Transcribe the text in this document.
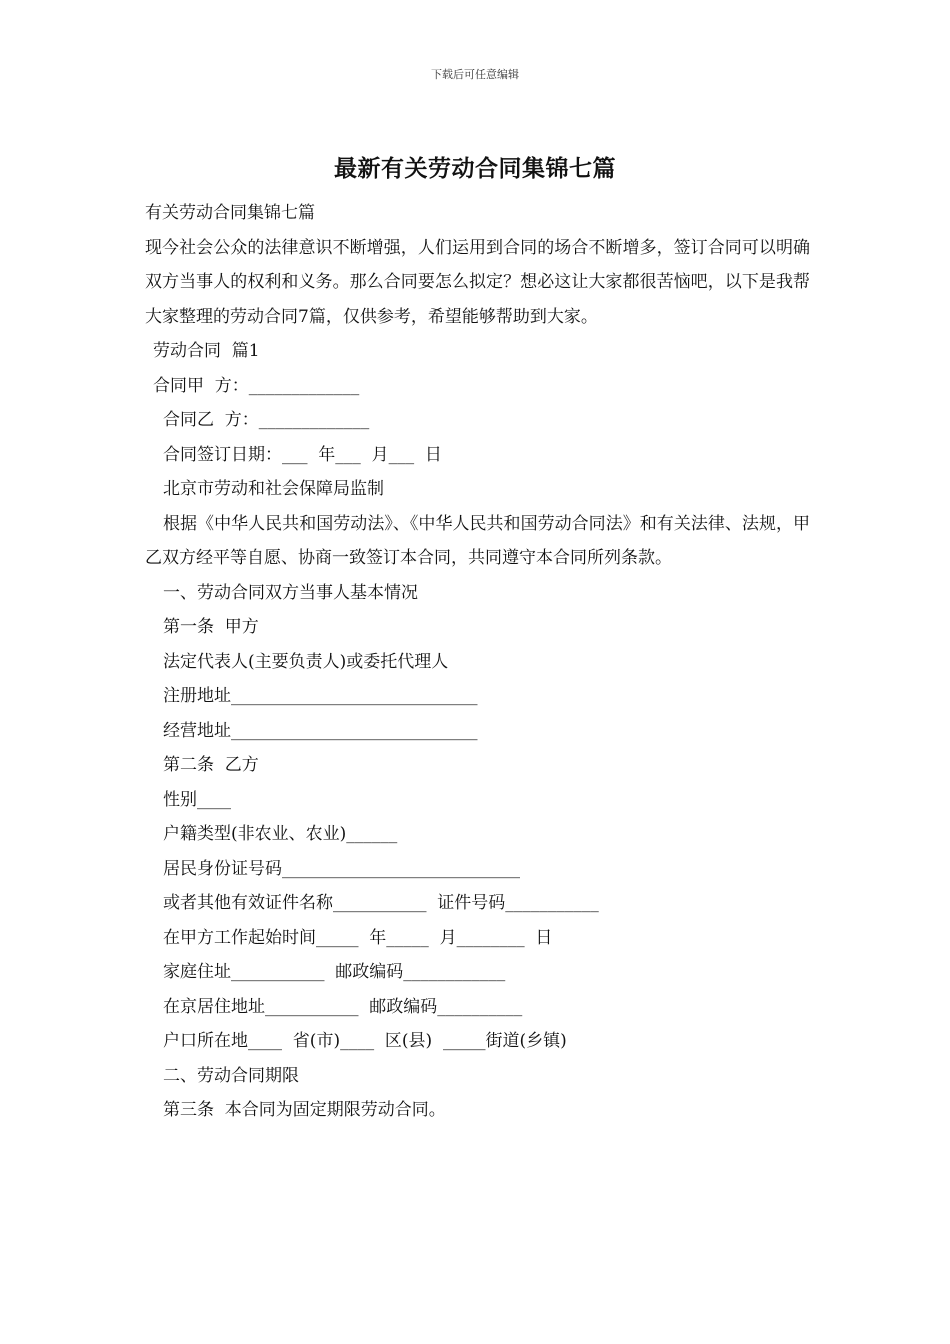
下载后可任意编辑
最新有关劳动合同集锦七篇
有关劳动合同集锦七篇
现今社会公众的法律意识不断增强，人们运用到合同的场合不断增多，签订合同可以明确双方当事人的权利和义务。那么合同要怎么拟定？想必这让大家都很苦恼吧，以下是我帮大家整理的劳动合同7篇，仅供参考，希望能够帮助到大家。
劳动合同  篇1
合同甲  方：_____________
合同乙  方：_____________
合同签订日期：___  年___  月___  日
北京市劳动和社会保障局监制
根据《中华人民共和国劳动法》、《中华人民共和国劳动合同法》和有关法律、法规，甲乙双方经平等自愿、协商一致签订本合同，共同遵守本合同所列条款。
一、劳动合同双方当事人基本情况
第一条  甲方
法定代表人(主要负责人)或委托代理人
注册地址_____________________________
经营地址_____________________________
第二条  乙方
性别____
户籍类型(非农业、农业)______
居民身份证号码____________________________
或者其他有效证件名称___________  证件号码___________
在甲方工作起始时间_____  年_____  月________  日
家庭住址___________  邮政编码____________
在京居住地址___________  邮政编码__________
户口所在地____  省(市)____  区(县)  _____街道(乡镇)
二、劳动合同期限
第三条  本合同为固定期限劳动合同。
